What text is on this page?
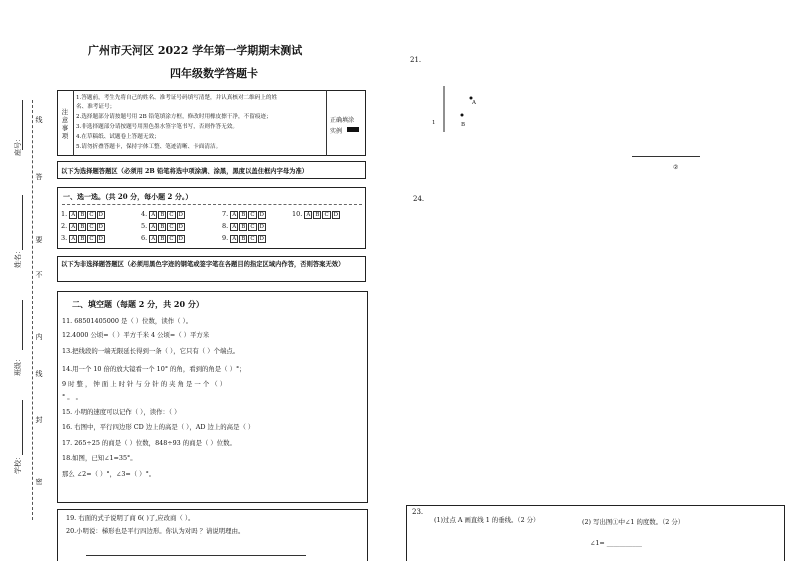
线
答
要
不
内
线
封
密
座号：
姓名：
班级：
学校：
广州市天河区 2022 学年第一学期期末测试
四年级数学答题卡
注
意
事
项
1.答题前，考生先将自己的姓名、准考证号码填写清楚，并认真核对二维码上的姓
名、准考证号；
2.选择题部分请按题号用 2B 铅笔填涂方框，修改时用橡皮擦干净，不留痕迹；
3.非选择题部分请按题号用黑色墨水签字笔书写，否则作答无效。
4.在草稿纸、试题卷上答题无效；
5.请勿折叠答题卡，保持字体工整、笔迹清晰、卡面清洁。
正确填涂
实例
以下为选择题答题区（必须用 2B 铅笔将选中项涂满、涂黑，黑度以盖住框内字母为准）
一、选一选。（共 20 分，每小题 2 分。）
1. A B C D	4. A B C D	7. A B C D	10. A B C D
2. A B C D	5. A B C D	8. A B C D
3. A B C D	6. A B C D	9. A B C D
以下为非选择题答题区（必须用黑色字迹的钢笔或签字笔在各题目的指定区域内作答，否则答案无效）
二、填空题（每题 2 分，共 20 分）
11. 68501405000 是（ ）位数，读作（ ）。
12.4000 公顷=（ ）平方千米 4 公顷=（ ）平方米
13.把线段的一端无限延长得到一条（ ），它只有（ ）个端点。
14.用一个 10 倍的放大镜看一个 10° 的角，看到的角是（ ）°；
9 时 整 ， 钟 面 上 时 针 与 分 针 的 夹 角 是 一 个 （ ）
° 。 。
15. 小明的速度可以记作（ ），读作：（ ）
16. 右图中，平行四边形 CD 边上的高是（ ），AD 边上的高是（ ）
17. 265÷25 的商是（ ）位数，848÷93 的商是（ ）位数。
18.如图，已知∠1=35°。
那么 ∠2=（ ）°，∠3=（ ）°。
19. 右面的式子说明了商 6( )了,应改商（ ）。
20.小明说：梯形也是平行四边形。你认为对吗 ？请说明理由。
21.
A
B
1
②
24.
23.
(1)过点 A 画直线 1 的垂线。（2 分）	(2) 写出图①中∠1 的度数。（2 分）
∠1= ___________
